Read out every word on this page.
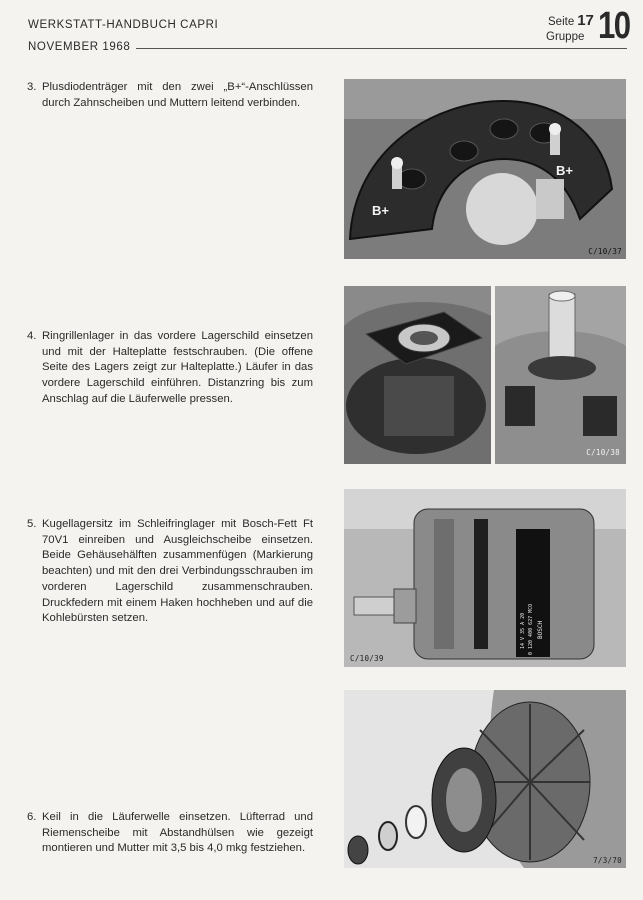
WERKSTATT-HANDBUCH CAPRI
NOVEMBER 1968
Seite 17
Gruppe 10
3. Plusdiodenträger mit den zwei „B+“-Anschlüssen durch Zahnscheiben und Muttern leitend verbinden.
4. Ringrillenlager in das vordere Lagerschild einsetzen und mit der Halteplatte festschrauben. (Die offene Seite des Lagers zeigt zur Halteplatte.) Läufer in das vordere Lagerschild einführen. Distanzring bis zum Anschlag auf die Läuferwelle pressen.
5. Kugellagersitz im Schleifringlager mit Bosch-Fett Ft 70V1 einreiben und Ausgleichscheibe einsetzen. Beide Gehäusehälften zusammenfügen (Markierung beachten) und mit den drei Verbindungsschrauben im vorderen Lagerschild zusammenschrauben. Druckfedern mit einem Haken hochheben und auf die Kohlebürsten setzen.
6. Keil in die Läuferwelle einsetzen. Lüfterrad und Riemenscheibe mit Abstandhülsen wie gezeigt montieren und Mutter mit 3,5 bis 4,0 mkg festziehen.
B+
B+
C/10/37
C/10/38
BOSCH
0 120 400 627 MCO
14 V 35 A 20
C/10/39
7/3/70
